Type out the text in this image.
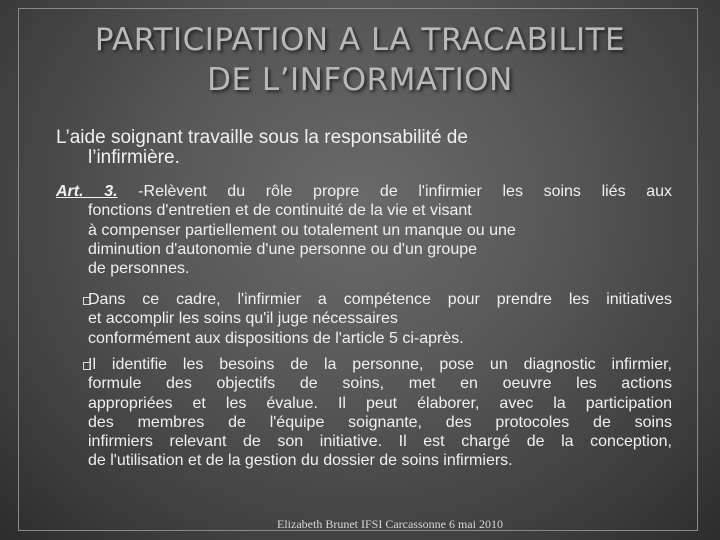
PARTICIPATION A LA TRACABILITE
DE L’INFORMATION
L’aide soignant travaille sous la responsabilité de
l’infirmière.
Art. 3. -Relèvent du rôle propre de l'infirmier les soins liés aux
fonctions d'entretien et de continuité de la vie et visant
à compenser partiellement ou totalement un manque ou une
diminution d'autonomie d'une personne ou d'un groupe
de personnes.
Dans ce cadre, l'infirmier a compétence pour prendre les initiatives
et accomplir les soins qu'il juge nécessaires
conformément aux dispositions de l'article 5 ci-après.
Il identifie les besoins de la personne, pose un diagnostic infirmier,
formule des objectifs de soins, met en oeuvre les actions
appropriées et les évalue. Il peut élaborer, avec la participation
des membres de l'équipe soignante, des protocoles de soins
infirmiers relevant de son initiative. Il est chargé de la conception,
de l'utilisation et de la gestion du dossier de soins infirmiers.
Elizabeth Brunet IFSI Carcassonne 6 mai 2010
